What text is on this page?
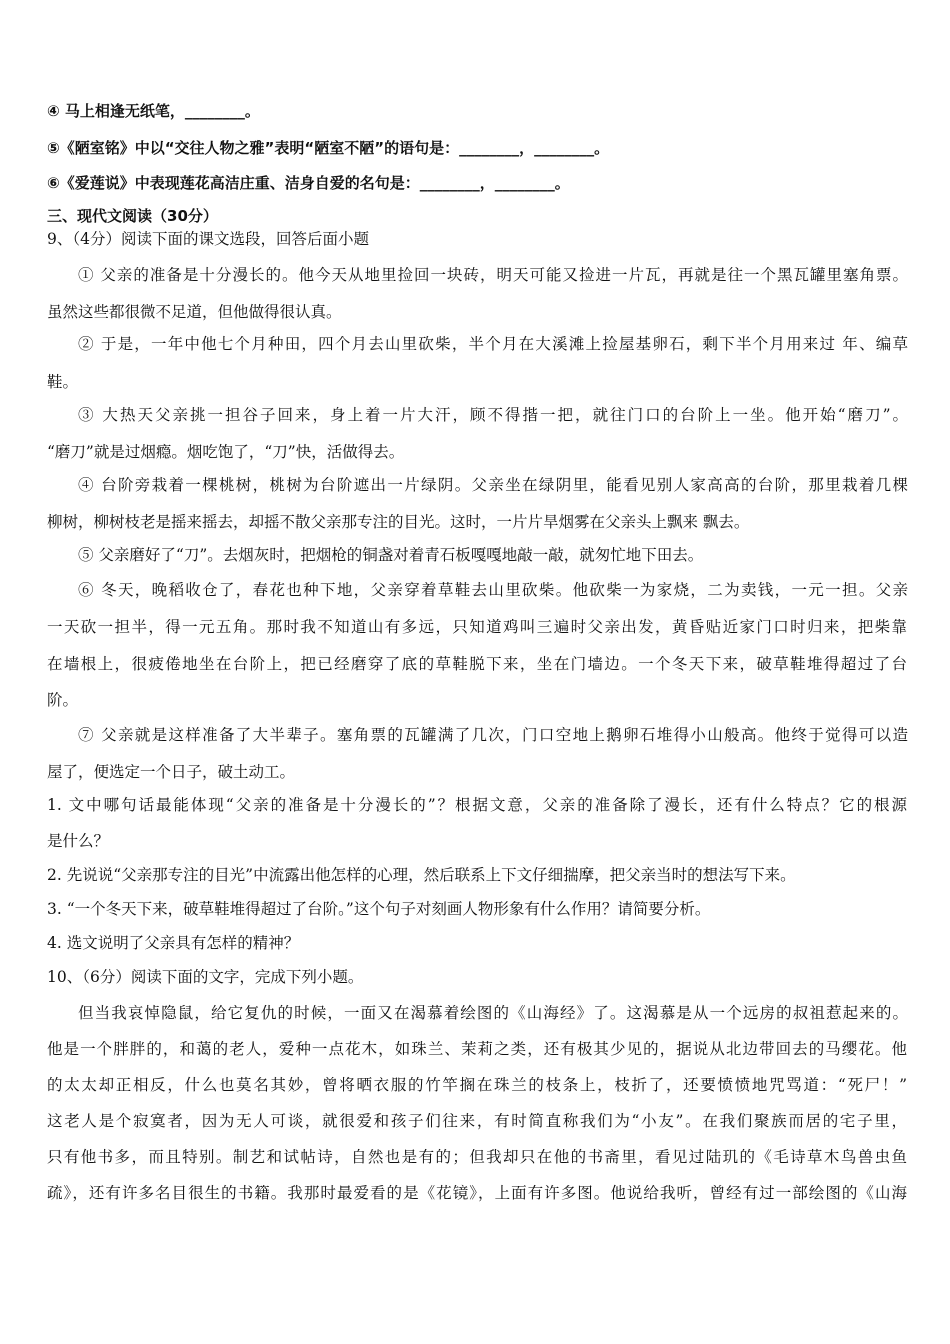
④ 马上相逢无纸笔，________。
⑤《陋室铭》中以“交往人物之雅”表明“陋室不陋”的语句是：________，________。
⑥《爱莲说》中表现莲花高洁庄重、洁身自爱的名句是：________，________。
三、现代文阅读（30分）
9、（4分）阅读下面的课文选段，回答后面小题
① 父亲的准备是十分漫长的。他今天从地里捡回一块砖，明天可能又捡进一片瓦，再就是往一个黑瓦罐里塞角票。
虽然这些都很微不足道，但他做得很认真。
② 于是，一年中他七个月种田，四个月去山里砍柴，半个月在大溪滩上捡屋基卵石，剩下半个月用来过 年、编草
鞋。
③ 大热天父亲挑一担谷子回来，身上着一片大汗，顾不得揩一把，就往门口的台阶上一坐。他开始“磨刀”。
“磨刀”就是过烟瘾。烟吃饱了，“刀”快，活做得去。
④ 台阶旁栽着一棵桃树，桃树为台阶遮出一片绿阴。父亲坐在绿阴里，能看见别人家高高的台阶，那里栽着几棵
柳树，柳树枝老是摇来摇去，却摇不散父亲那专注的目光。这时，一片片旱烟雾在父亲头上飘来 飘去。
⑤ 父亲磨好了“刀”。去烟灰时，把烟枪的铜盏对着青石板嘎嘎地敲一敲，就匆忙地下田去。
⑥ 冬天，晚稻收仓了，春花也种下地，父亲穿着草鞋去山里砍柴。他砍柴一为家烧，二为卖钱，一元一担。父亲
一天砍一担半，得一元五角。那时我不知道山有多远，只知道鸡叫三遍时父亲出发，黄昏贴近家门口时归来，把柴靠
在墙根上，很疲倦地坐在台阶上，把已经磨穿了底的草鞋脱下来，坐在门墙边。一个冬天下来，破草鞋堆得超过了台
阶。
⑦ 父亲就是这样准备了大半辈子。塞角票的瓦罐满了几次，门口空地上鹅卵石堆得小山般高。他终于觉得可以造
屋了，便选定一个日子，破土动工。
1. 文中哪句话最能体现“父亲的准备是十分漫长的”？根据文意，父亲的准备除了漫长，还有什么特点？它的根源
是什么？
2. 先说说“父亲那专注的目光”中流露出他怎样的心理，然后联系上下文仔细揣摩，把父亲当时的想法写下来。
3. “一个冬天下来，破草鞋堆得超过了台阶。”这个句子对刻画人物形象有什么作用？请简要分析。
4. 选文说明了父亲具有怎样的精神？
10、（6分）阅读下面的文字，完成下列小题。
但当我哀悼隐鼠，给它复仇的时候，一面又在渴慕着绘图的《山海经》了。这渴慕是从一个远房的叔祖惹起来的。
他是一个胖胖的，和蔼的老人，爱种一点花木，如珠兰、茉莉之类，还有极其少见的，据说从北边带回去的马缨花。他
的太太却正相反，什么也莫名其妙，曾将晒衣服的竹竿搁在珠兰的枝条上，枝折了，还要愤愤地咒骂道：“死尸！”
这老人是个寂寞者，因为无人可谈，就很爱和孩子们往来，有时简直称我们为“小友”。在我们聚族而居的宅子里，
只有他书多，而且特别。制艺和试帖诗，自然也是有的；但我却只在他的书斋里，看见过陆玑的《毛诗草木鸟兽虫鱼
疏》，还有许多名目很生的书籍。我那时最爱看的是《花镜》，上面有许多图。他说给我听，曾经有过一部绘图的《山海
